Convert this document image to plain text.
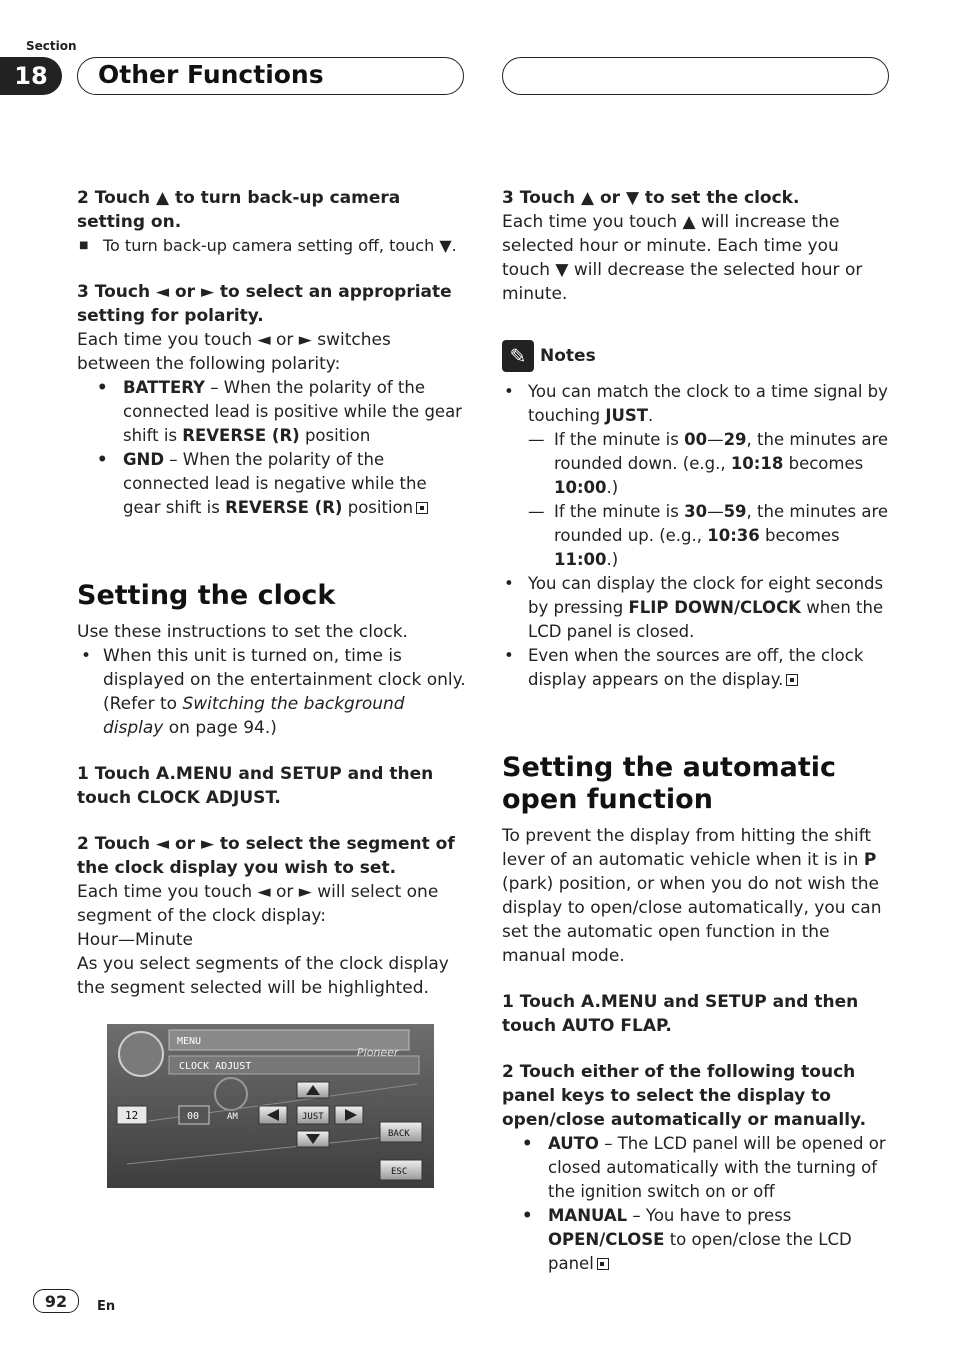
Section
18	Other Functions

2 Touch ▲ to turn back-up camera setting on.

■ To turn back-up camera setting off, touch ▼.

3 Touch ◄ or ► to select an appropriate setting for polarity.

Each time you touch ◄ or ► switches between the following polarity:

• BATTERY – When the polarity of the connected lead is positive while the gear shift is REVERSE (R) position
• GND – When the polarity of the connected lead is negative while the gear shift is REVERSE (R) position
Setting the clock

Use these instructions to set the clock.

• When this unit is turned on, time is displayed on the entertainment clock only. (Refer to Switching the background display on page 94.)

1 Touch A.MENU and SETUP and then touch CLOCK ADJUST.

2 Touch ◄ or ► to select the segment of the clock display you wish to set.

Each time you touch ◄ or ► will select one segment of the clock display:

Hour—Minute

As you select segments of the clock display the segment selected will be highlighted.

MENU
Pioneer
CLOCK ADJUST
12	00	AM	JUST
BACK
ESC

3 Touch ▲ or ▼ to set the clock.

Each time you touch ▲ will increase the selected hour or minute. Each time you touch ▼ will decrease the selected hour or minute.

✎ Notes
• You can match the clock to a time signal by touching JUST.
— If the minute is 00—29, the minutes are rounded down. (e.g., 10:18 becomes 10:00.)
— If the minute is 30—59, the minutes are rounded up. (e.g., 10:36 becomes 11:00.)
• You can display the clock for eight seconds by pressing FLIP DOWN/CLOCK when the LCD panel is closed.
• Even when the sources are off, the clock display appears on the display.
Setting the automatic open function

To prevent the display from hitting the shift lever of an automatic vehicle when it is in P (park) position, or when you do not wish the display to open/close automatically, you can set the automatic open function in the manual mode.

1 Touch A.MENU and SETUP and then touch AUTO FLAP.

2 Touch either of the following touch panel keys to select the display to open/close automatically or manually.

• AUTO – The LCD panel will be opened or closed automatically with the turning of the ignition switch on or off
• MANUAL – You have to press OPEN/CLOSE to open/close the LCD panel
92	En
